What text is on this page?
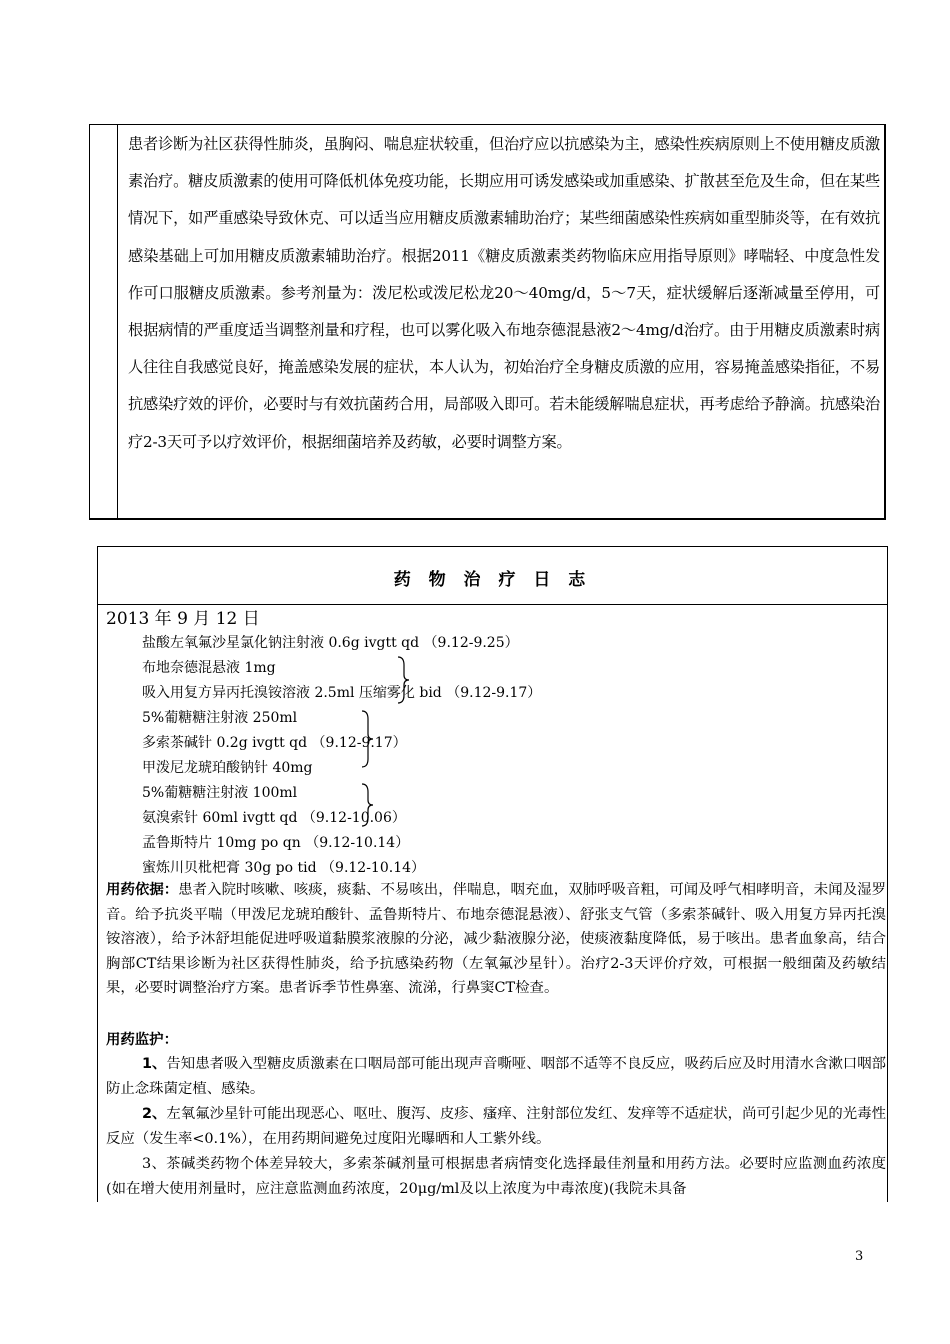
患者诊断为社区获得性肺炎，虽胸闷、喘息症状较重，但治疗应以抗感染为主，感染性疾病原则上不使用糖皮质激素治疗。糖皮质激素的使用可降低机体免疫功能，长期应用可诱发感染或加重感染、扩散甚至危及生命，但在某些情况下，如严重感染导致休克、可以适当应用糖皮质激素辅助治疗；某些细菌感染性疾病如重型肺炎等，在有效抗感染基础上可加用糖皮质激素辅助治疗。根据2011《糖皮质激素类药物临床应用指导原则》哮喘轻、中度急性发作可口服糖皮质激素。参考剂量为：泼尼松或泼尼松龙20～40mg/d，5～7天，症状缓解后逐渐减量至停用，可根据病情的严重度适当调整剂量和疗程，也可以雾化吸入布地奈德混悬液2～4mg/d治疗。由于用糖皮质激素时病人往往自我感觉良好，掩盖感染发展的症状，本人认为，初始治疗全身糖皮质激的应用，容易掩盖感染指征，不易抗感染疗效的评价，必要时与有效抗菌药合用，局部吸入即可。若未能缓解喘息症状，再考虑给予静滴。抗感染治疗2-3天可予以疗效评价，根据细菌培养及药敏，必要时调整方案。

药 物 治 疗 日 志
2013 年 9 月 12 日
盐酸左氧氟沙星氯化钠注射液 0.6g ivgtt qd （9.12-9.25）
布地奈德混悬液 1mg
吸入用复方异丙托溴铵溶液 2.5ml 压缩雾化 bid （9.12-9.17）
5%葡糖糖注射液 250ml
多索茶碱针 0.2g ivgtt qd （9.12-9.17）
甲泼尼龙琥珀酸钠针 40mg
5%葡糖糖注射液 100ml
氨溴索针 60ml ivgtt qd （9.12-10.06）
孟鲁斯特片 10mg po qn （9.12-10.14）
蜜炼川贝枇杷膏 30g po tid （9.12-10.14）

用药依据：患者入院时咳嗽、咳痰，痰黏、不易咳出，伴喘息，咽充血，双肺呼吸音粗，可闻及呼气相哮明音，未闻及湿罗音。给予抗炎平喘（甲泼尼龙琥珀酸针、孟鲁斯特片、布地奈德混悬液）、舒张支气管（多索茶碱针、吸入用复方异丙托溴铵溶液），给予沐舒坦能促进呼吸道黏膜浆液腺的分泌，减少黏液腺分泌，使痰液黏度降低，易于咳出。患者血象高，结合胸部CT结果诊断为社区获得性肺炎，给予抗感染药物（左氧氟沙星针）。治疗2-3天评价疗效，可根据一般细菌及药敏结果，必要时调整治疗方案。患者诉季节性鼻塞、流涕，行鼻窦CT检查。

用药监护：

1、告知患者吸入型糖皮质激素在口咽局部可能出现声音嘶哑、咽部不适等不良反应，吸药后应及时用清水含漱口咽部防止念珠菌定植、感染。

2、左氧氟沙星针可能出现恶心、呕吐、腹泻、皮疹、瘙痒、注射部位发红、发痒等不适症状，尚可引起少见的光毒性反应（发生率<0.1%），在用药期间避免过度阳光曝晒和人工紫外线。

3、茶碱类药物个体差异较大，多索茶碱剂量可根据患者病情变化选择最佳剂量和用药方法。必要时应监测血药浓度(如在增大使用剂量时，应注意监测血药浓度，20μg/ml及以上浓度为中毒浓度)(我院未具备

3
